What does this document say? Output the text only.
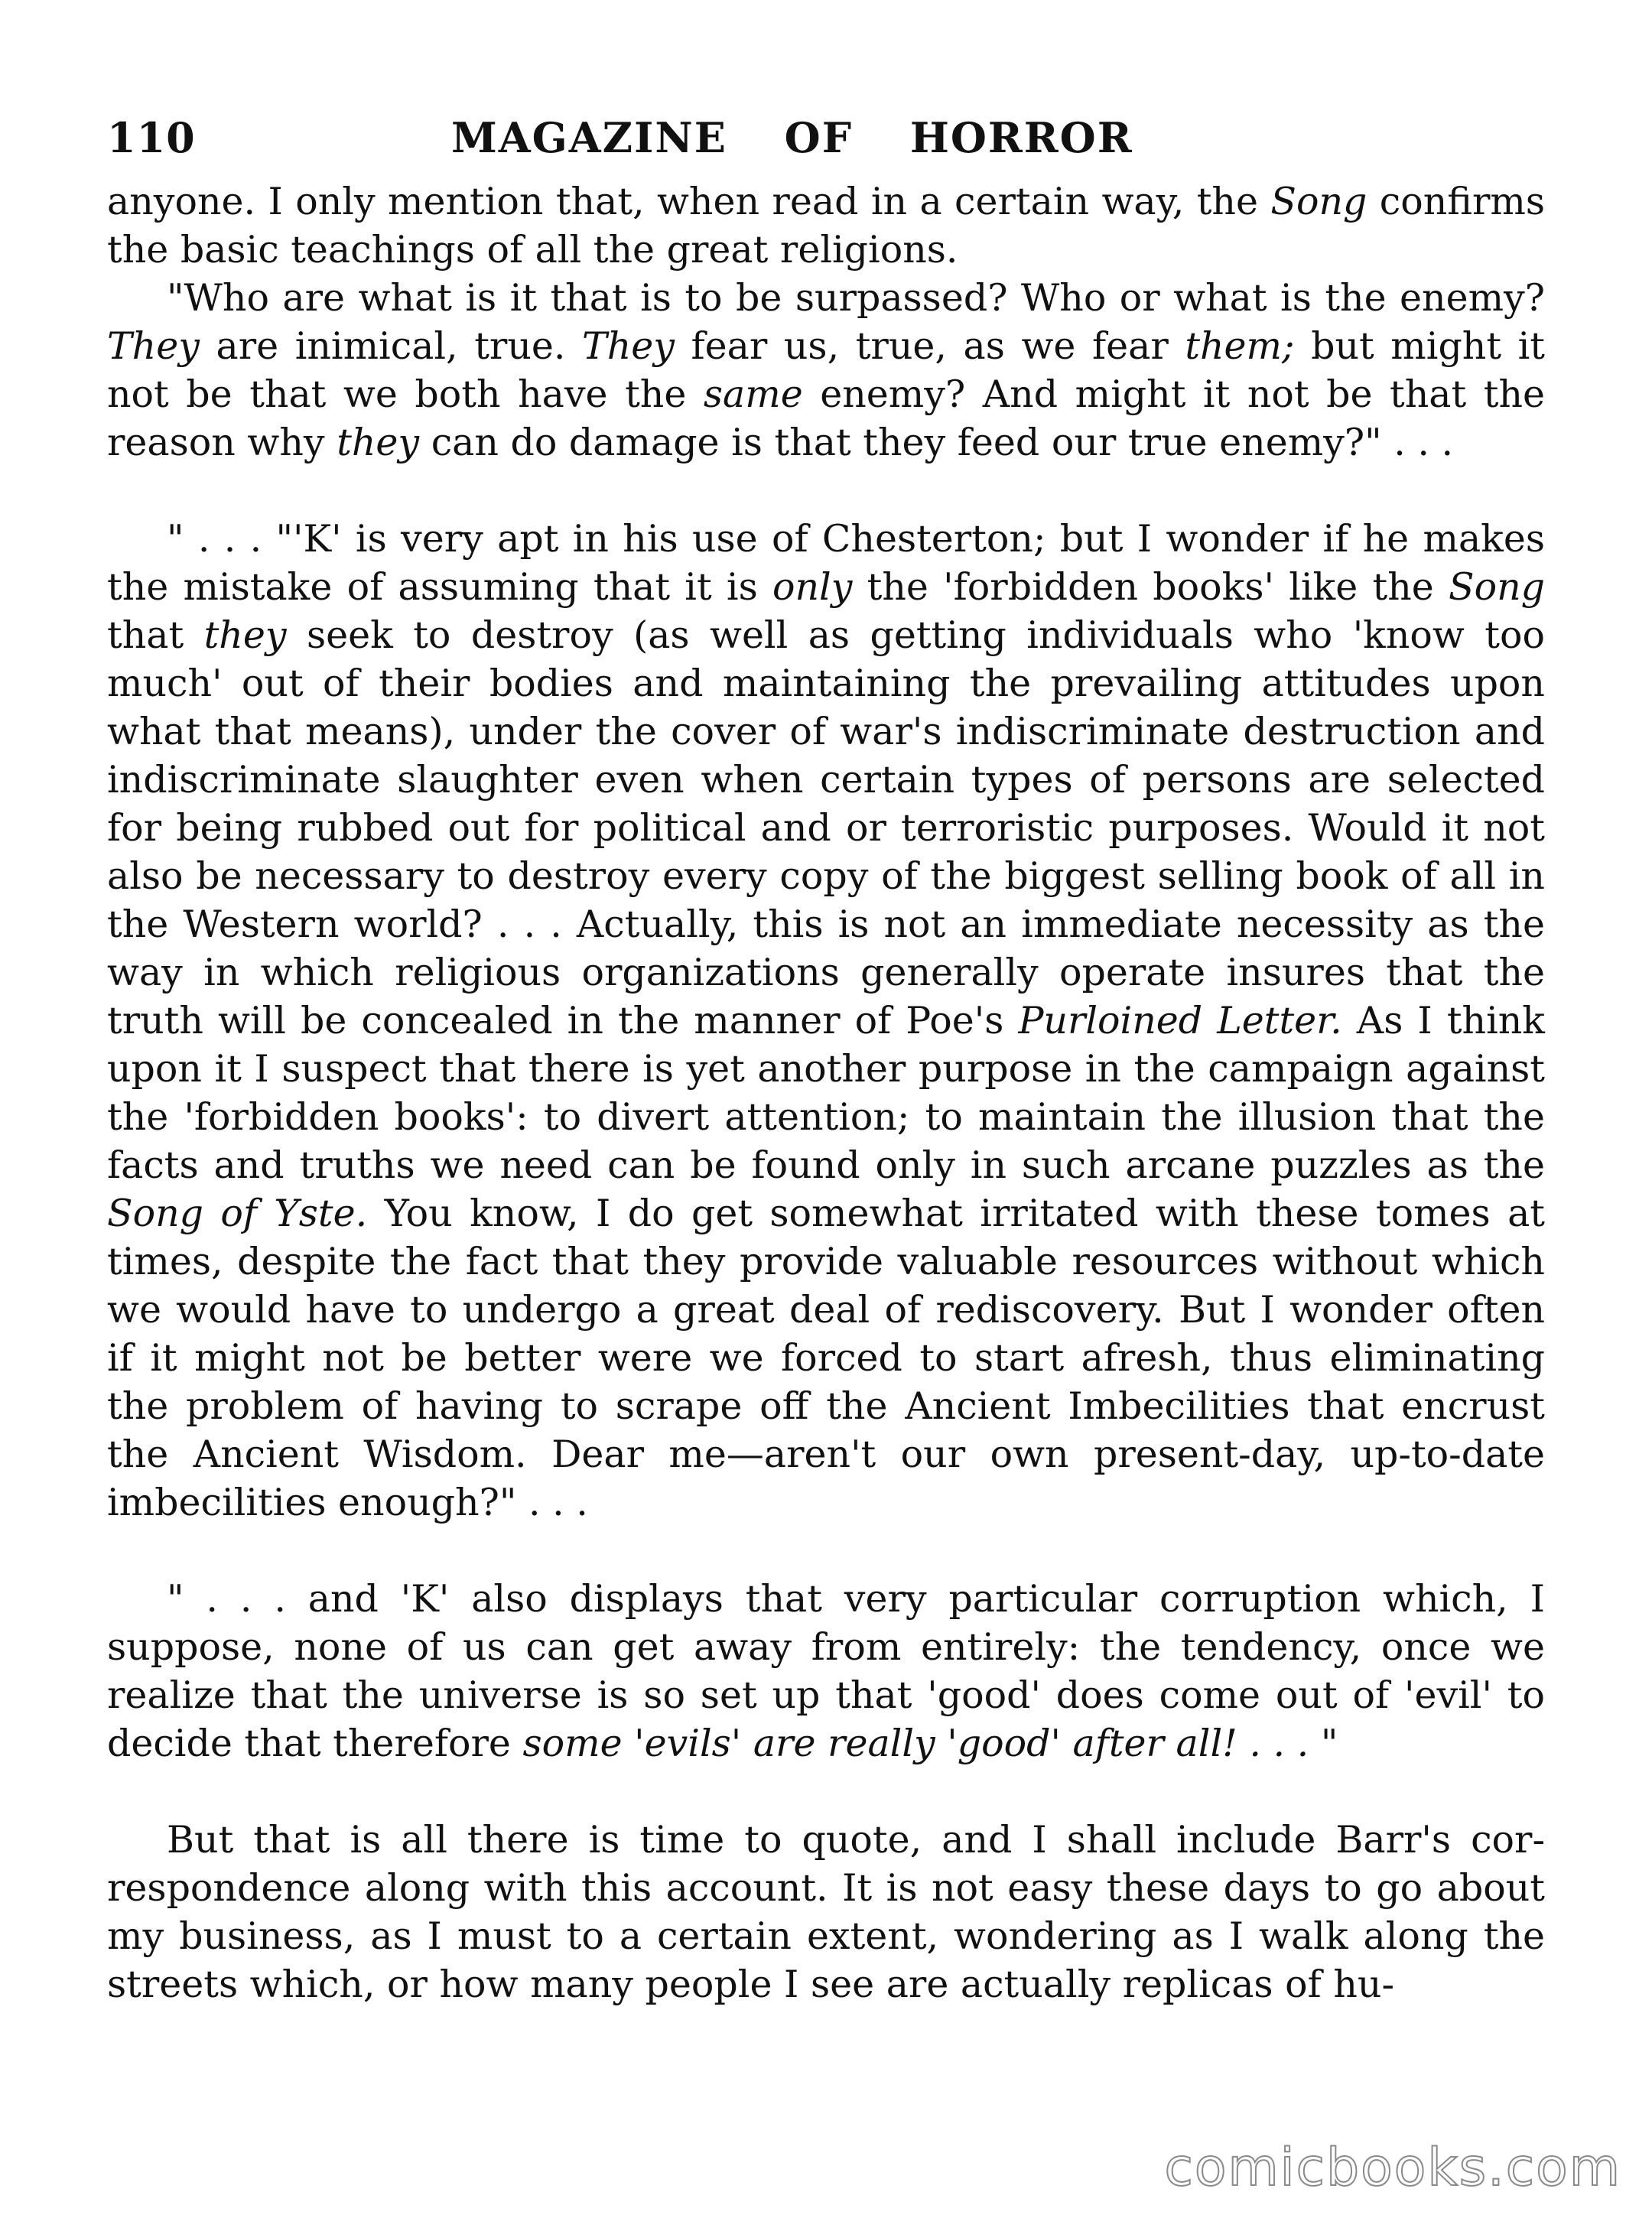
110	MAGAZINE OF HORROR

anyone. I only mention that, when read in a certain way, the Song confirms the basic teachings of all the great religions.

"Who are what is it that is to be surpassed? Who or what is the enemy? They are inimical, true. They fear us, true, as we fear them; but might it not be that we both have the same enemy? And might it not be that the reason why they can do damage is that they feed our true enemy?" . . .

" . . . "'K' is very apt in his use of Chesterton; but I wonder if he makes the mistake of assuming that it is only the 'forbidden books' like the Song that they seek to destroy (as well as getting individuals who 'know too much' out of their bodies and maintaining the prevailing attitudes upon what that means), under the cover of war's indiscriminate destruction and indiscriminate slaughter even when certain types of persons are selected for being rubbed out for political and or terroristic purposes. Would it not also be necessary to destroy every copy of the biggest selling book of all in the Western world? . . . Actually, this is not an immediate necessity as the way in which religious organizations generally operate insures that the truth will be concealed in the manner of Poe's Purloined Letter. As I think upon it I suspect that there is yet another purpose in the campaign against the 'forbidden books': to divert attention; to maintain the illusion that the facts and truths we need can be found only in such arcane puzzles as the Song of Yste. You know, I do get somewhat irritated with these tomes at times, despite the fact that they provide valuable resources without which we would have to undergo a great deal of rediscovery. But I wonder often if it might not be better were we forced to start afresh, thus eliminating the problem of having to scrape off the Ancient Imbecilities that encrust the Ancient Wisdom. Dear me—aren't our own present-day, up-to-date imbecilities enough?" . . .

" . . . and 'K' also displays that very particular corruption which, I suppose, none of us can get away from entirely: the tendency, once we realize that the universe is so set up that 'good' does come out of 'evil' to decide that therefore some 'evils' are really 'good' after all! . . . "

But that is all there is time to quote, and I shall include Barr's correspondence along with this account. It is not easy these days to go about my business, as I must to a certain extent, wondering as I walk along the streets which, or how many people I see are actually replicas of hu-

comicbooks.com
